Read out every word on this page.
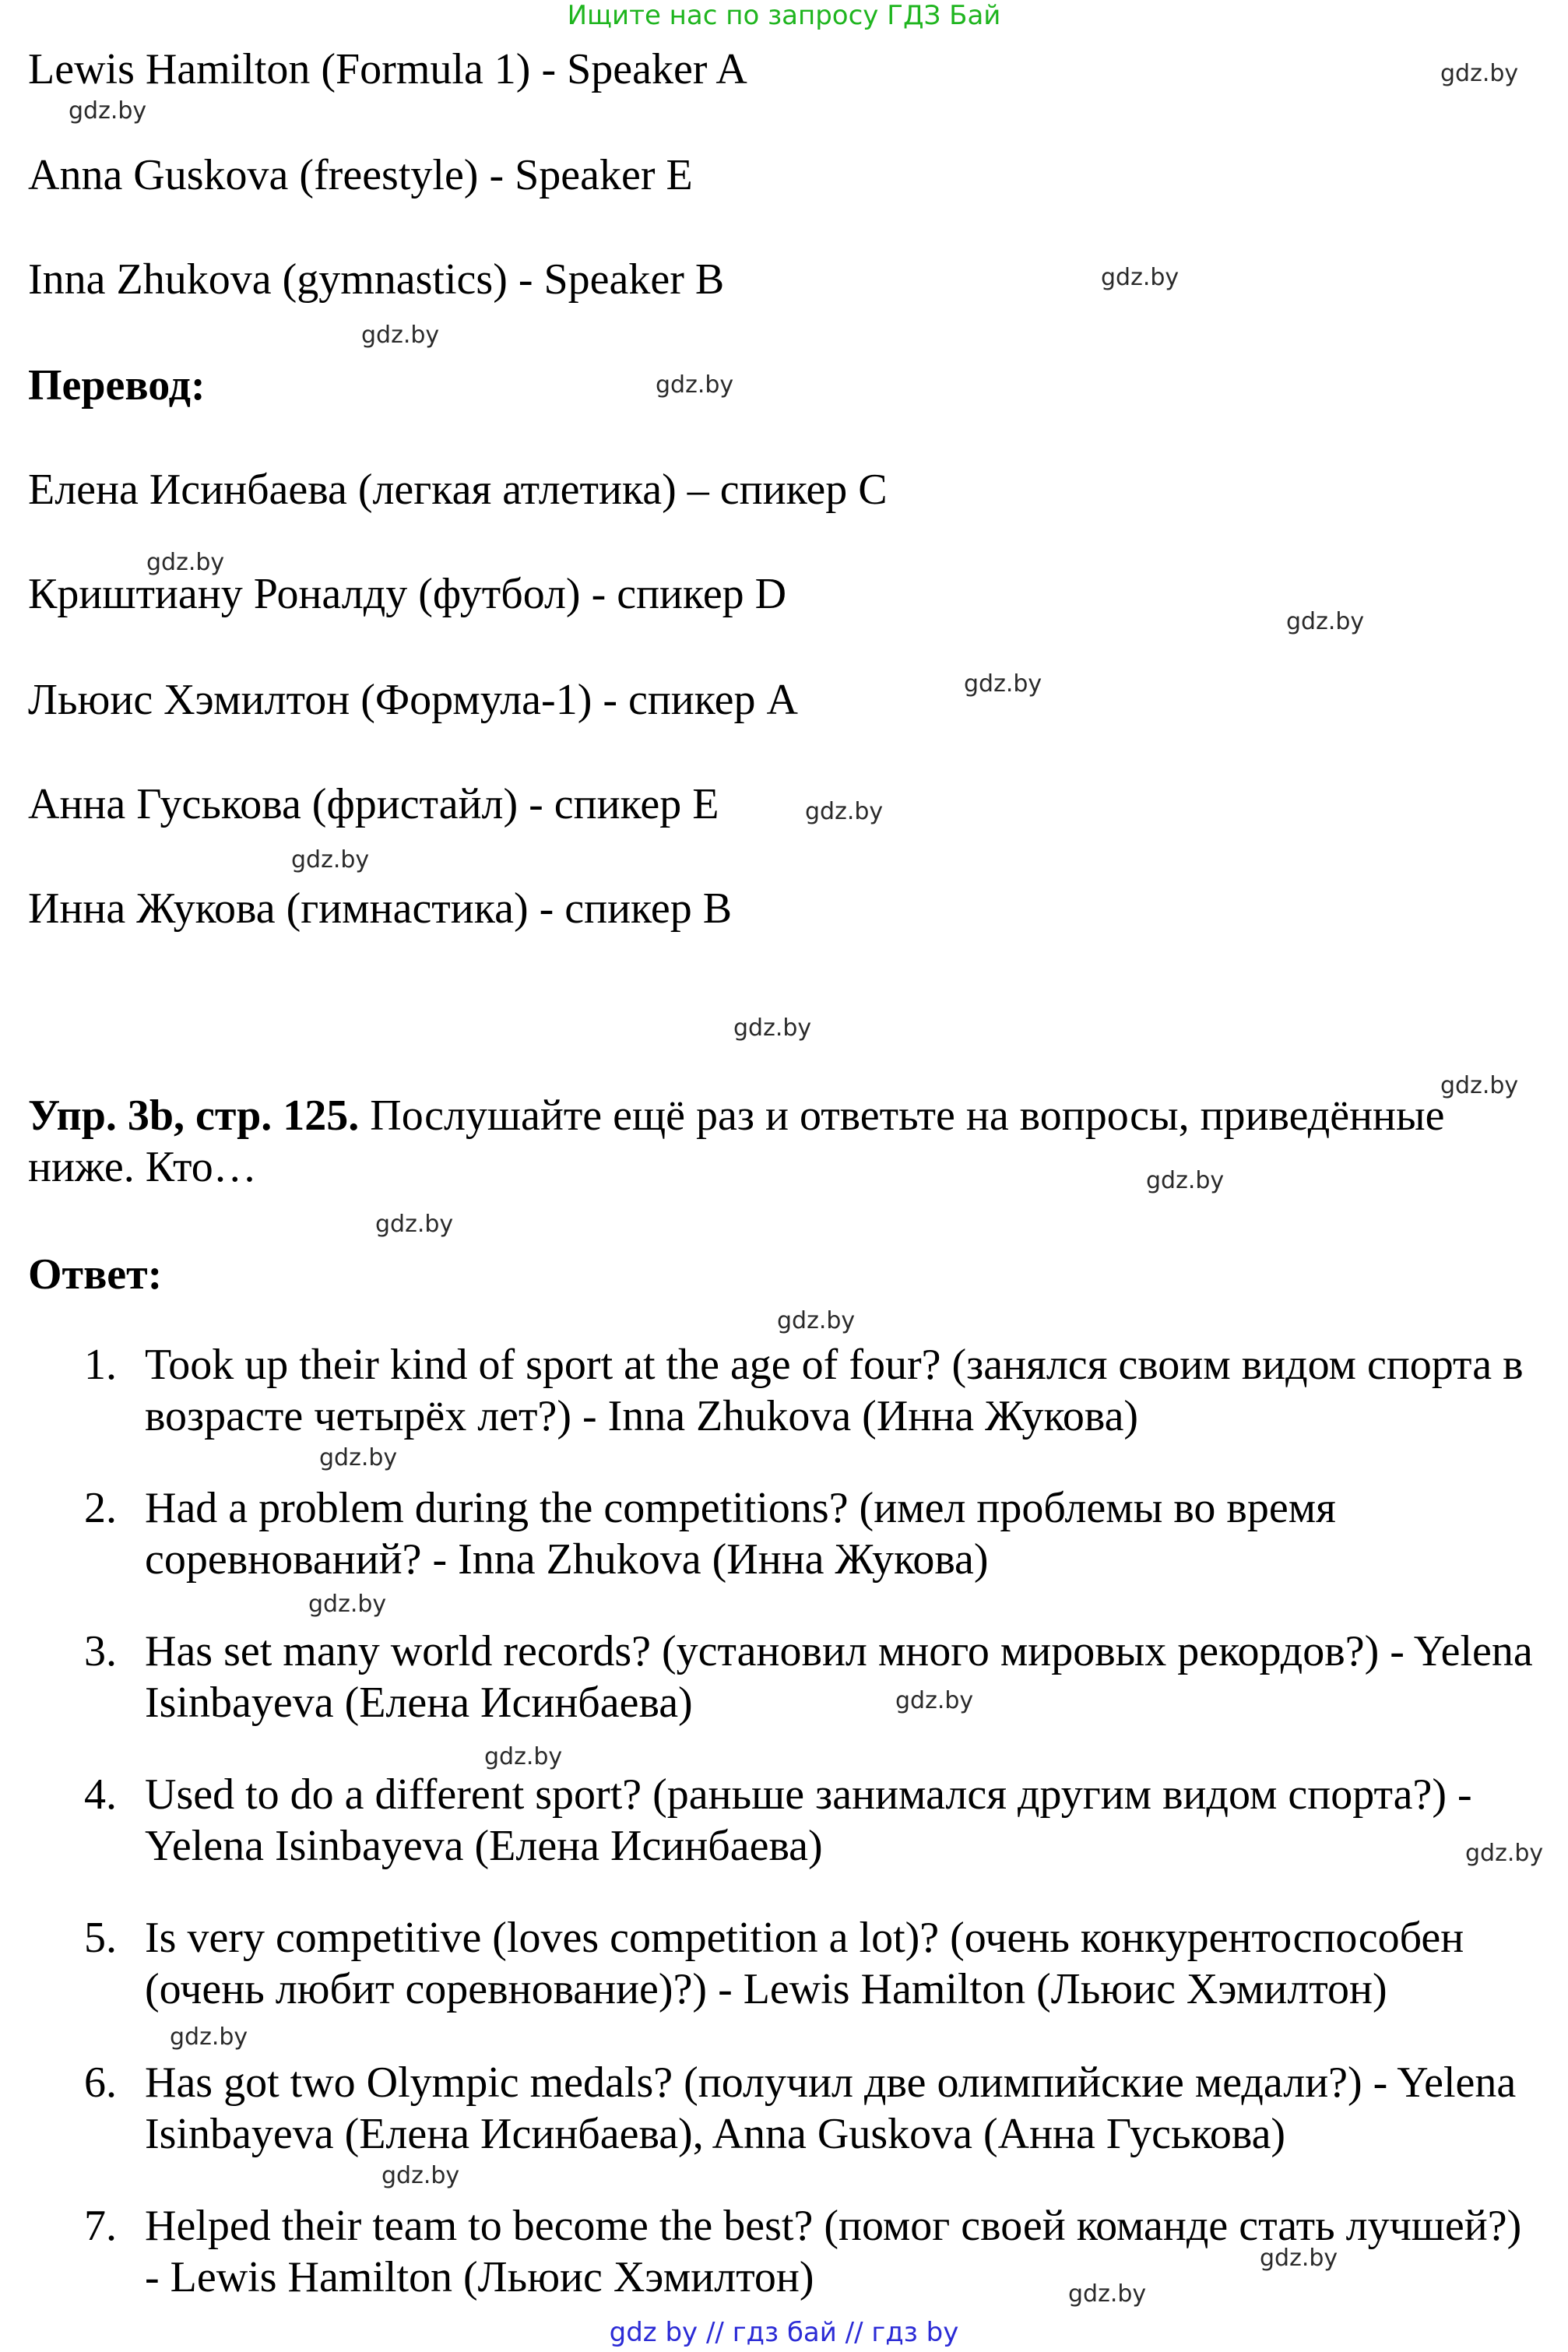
Ищите нас по запросу ГДЗ Бай
Lewis Hamilton (Formula 1) - Speaker A
Anna Guskova (freestyle) - Speaker E
Inna Zhukova (gymnastics) - Speaker B
Перевод:
Елена Исинбаева (легкая атлетика) – спикер C
Криштиану Роналду (футбол) - спикер D
Льюис Хэмилтон (Формула-1) - спикер A
Анна Гуськова (фристайл) - спикер E
Инна Жукова (гимнастика) - спикер B
Упр. 3b, стр. 125. Послушайте ещё раз и ответьте на вопросы, приведённые ниже. Кто…
Ответ:
1. Took up their kind of sport at the age of four? (занялся своим видом спорта в возрасте четырёх лет?) - Inna Zhukova (Инна Жукова)
2. Had a problem during the competitions? (имел проблемы во время соревнований? - Inna Zhukova (Инна Жукова)
3. Has set many world records? (установил много мировых рекордов?) - Yelena Isinbayeva (Елена Исинбаева)
4. Used to do a different sport? (раньше занимался другим видом спорта?) - Yelena Isinbayeva (Елена Исинбаева)
5. Is very competitive (loves competition a lot)? (очень конкурентоспособен (очень любит соревнование)?) - Lewis Hamilton (Льюис Хэмилтон)
6. Has got two Olympic medals? (получил две олимпийские медали?) - Yelena Isinbayeva (Елена Исинбаева), Anna Guskova (Анна Гуськова)
7. Helped their team to become the best? (помог своей команде стать лучшей?) - Lewis Hamilton (Льюис Хэмилтон)
gdz.by
gdz.by
gdz.by
gdz.by
gdz.by
gdz.by
gdz.by
gdz.by
gdz.by
gdz.by
gdz.by
gdz.by
gdz.by
gdz.by
gdz.by
gdz.by
gdz.by
gdz.by
gdz.by
gdz.by
gdz.by
gdz.by
gdz.by
gdz.by
gdz by // гдз бай // гдз by
